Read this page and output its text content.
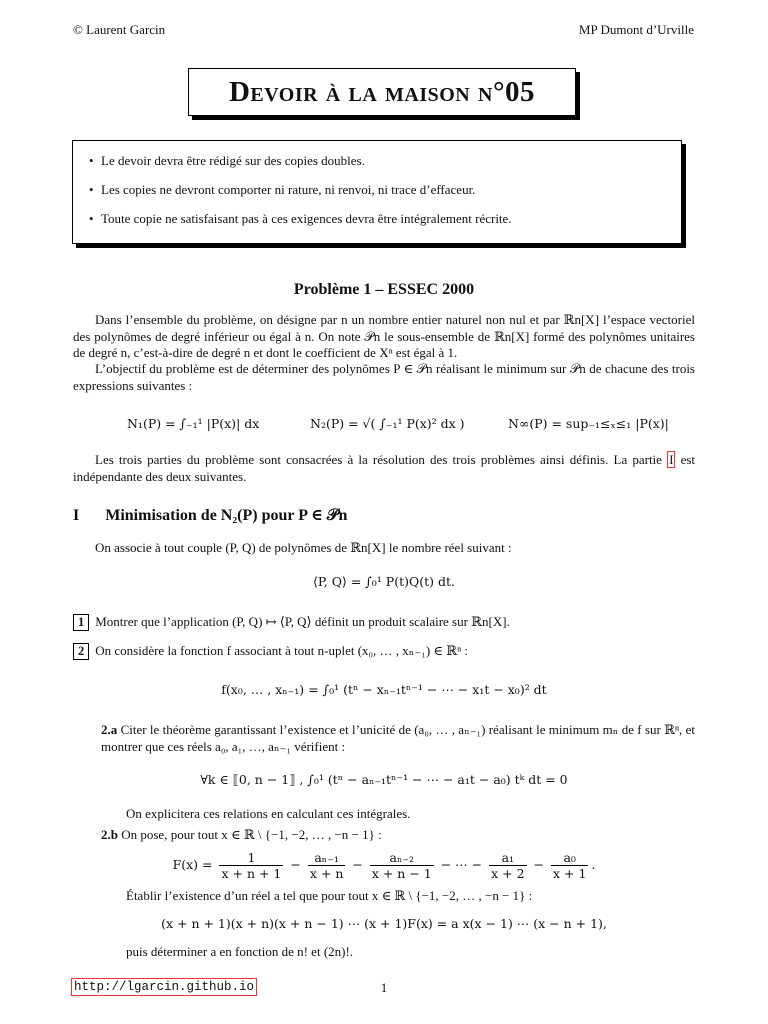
© Laurent Garcin	MP Dumont d’Urville
Devoir à la maison n°05
• Le devoir devra être rédigé sur des copies doubles.
• Les copies ne devront comporter ni rature, ni renvoi, ni trace d’effaceur.
• Toute copie ne satisfaisant pas à ces exigences devra être intégralement récrite.
Problème 1 – ESSEC 2000
Dans l’ensemble du problème, on désigne par n un nombre entier naturel non nul et par ℝn[X] l’espace vectoriel des polynômes de degré inférieur ou égal à n. On note 𝒫n le sous-ensemble de ℝn[X] formé des polynômes unitaires de degré n, c’est-à-dire de degré n et dont le coefficient de Xⁿ est égal à 1.
L’objectif du problème est de déterminer des polynômes P ∈ 𝒫n réalisant le minimum sur 𝒫n de chacune des trois expressions suivantes :
N₁(P) = ∫₋₁¹ |P(x)| dx	N₂(P) = √( ∫₋₁¹ P(x)² dx )	N∞(P) = sup₋₁≤ₓ≤₁ |P(x)|
Les trois parties du problème sont consacrées à la résolution des trois problèmes ainsi définis. La partie I est indépendante des deux suivantes.
I Minimisation de N₂(P) pour P ∈ 𝒫n
On associe à tout couple (P, Q) de polynômes de ℝn[X] le nombre réel suivant :
⟨P, Q⟩ = ∫₀¹ P(t)Q(t) dt.
1 Montrer que l’application (P, Q) ↦ ⟨P, Q⟩ définit un produit scalaire sur ℝn[X].
2 On considère la fonction f associant à tout n-uplet (x₀, … , xₙ₋₁) ∈ ℝⁿ :
f(x₀, … , xₙ₋₁) = ∫₀¹ (tⁿ − xₙ₋₁tⁿ⁻¹ − ⋯ − x₁t − x₀)² dt
2.a Citer le théorème garantissant l’existence et l’unicité de (a₀, … , aₙ₋₁) réalisant le minimum mₙ de f sur ℝⁿ, et montrer que ces réels a₀, a₁, …, aₙ₋₁ vérifient :
∀k ∈ ⟦0, n − 1⟧ , ∫₀¹ (tⁿ − aₙ₋₁tⁿ⁻¹ − ⋯ − a₁t − a₀) tᵏ dt = 0
On explicitera ces relations en calculant ces intégrales.
2.b On pose, pour tout x ∈ ℝ \ {−1, −2, … , −n − 1} :
$F(x) = \frac{1}{x + n + 1} - \frac{\text{aₙ₋₁}}{x + n} - \frac{\text{aₙ₋₂}}{x + n - 1}$ − ⋯ − $\frac{\text{a₁}}{x + 2} - \frac{\text{a₀}}{x + 1}$ .
Établir l’existence d’un réel a tel que pour tout x ∈ ℝ \ {−1, −2, … , −n − 1} :
(x + n + 1)(x + n)(x + n − 1) ⋯ (x + 1)F(x) = a x(x − 1) ⋯ (x − n + 1),
puis déterminer a en fonction de n! et (2n)!.
http://lgarcin.github.io	1
